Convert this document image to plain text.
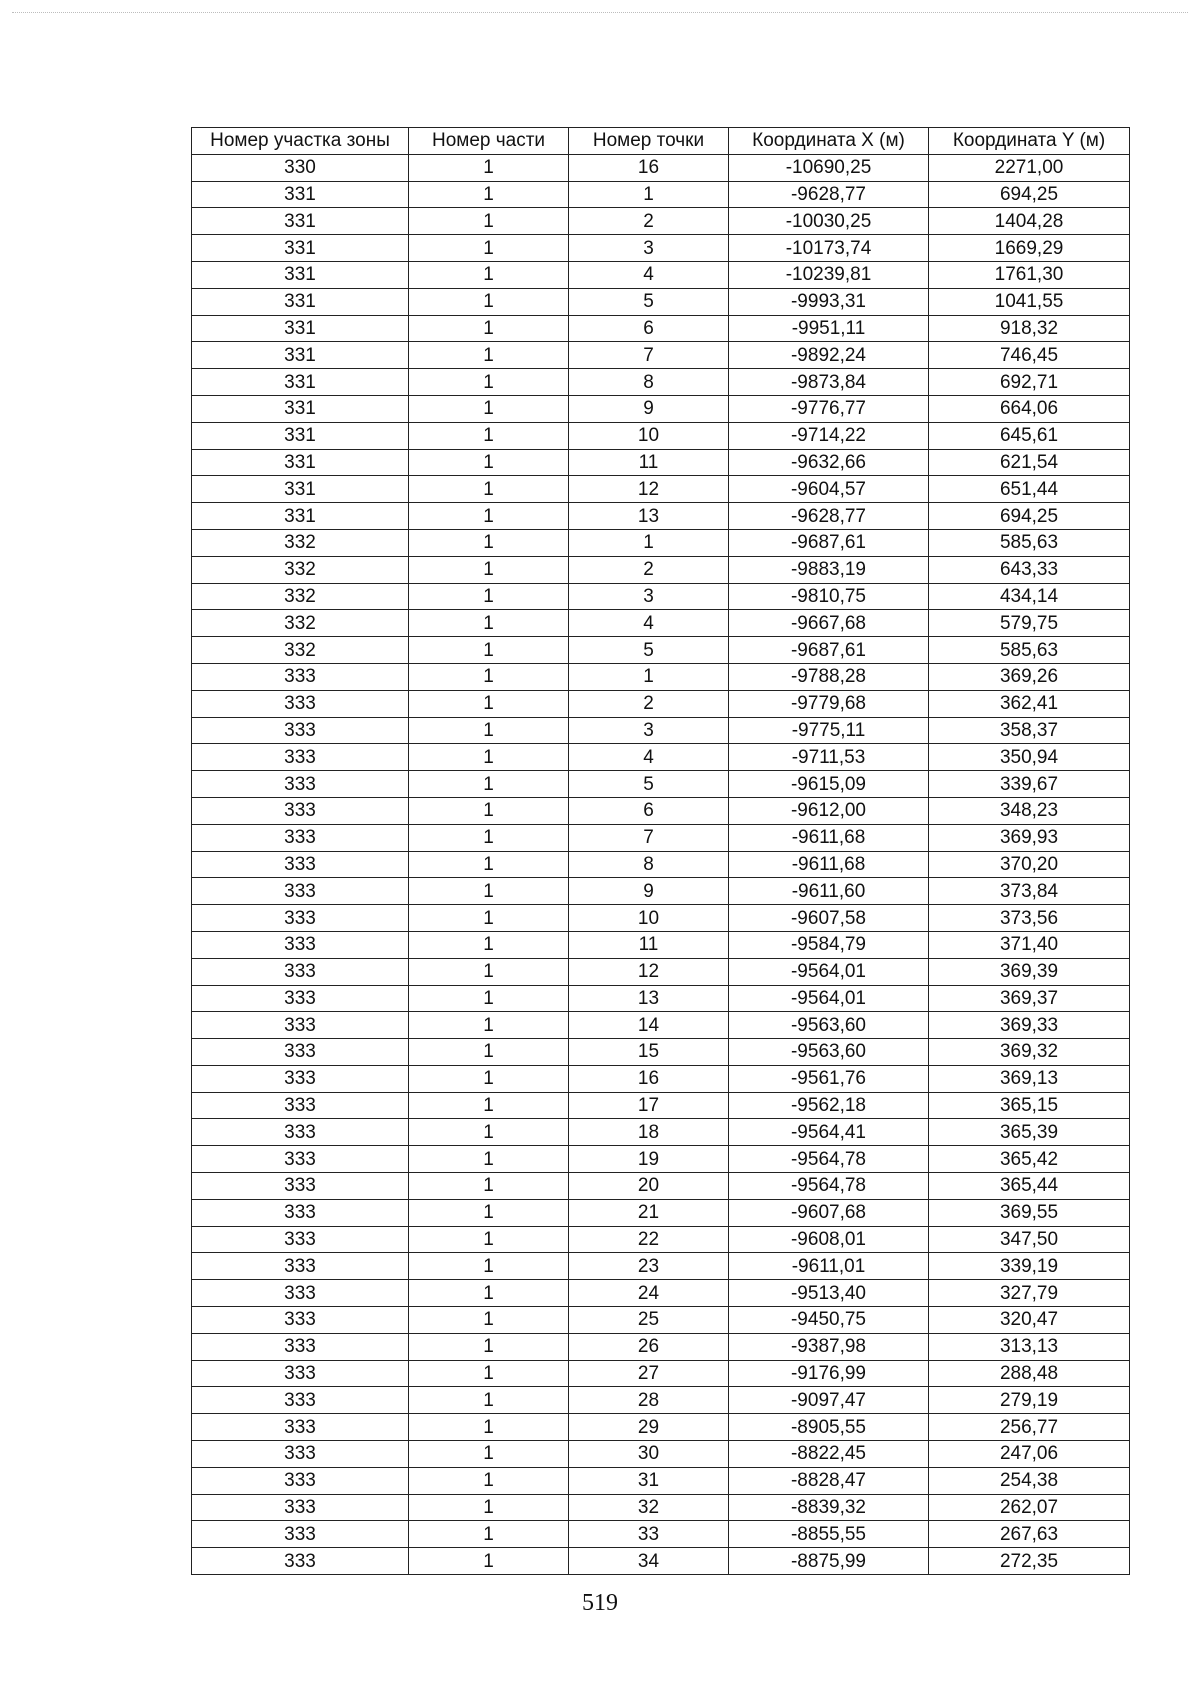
Номер участка зоны	Номер части	Номер точки	Координата X (м)	Координата Y (м)
330	1	16	-10690,25	2271,00
331	1	1	-9628,77	694,25
331	1	2	-10030,25	1404,28
331	1	3	-10173,74	1669,29
331	1	4	-10239,81	1761,30
331	1	5	-9993,31	1041,55
331	1	6	-9951,11	918,32
331	1	7	-9892,24	746,45
331	1	8	-9873,84	692,71
331	1	9	-9776,77	664,06
331	1	10	-9714,22	645,61
331	1	11	-9632,66	621,54
331	1	12	-9604,57	651,44
331	1	13	-9628,77	694,25
332	1	1	-9687,61	585,63
332	1	2	-9883,19	643,33
332	1	3	-9810,75	434,14
332	1	4	-9667,68	579,75
332	1	5	-9687,61	585,63
333	1	1	-9788,28	369,26
333	1	2	-9779,68	362,41
333	1	3	-9775,11	358,37
333	1	4	-9711,53	350,94
333	1	5	-9615,09	339,67
333	1	6	-9612,00	348,23
333	1	7	-9611,68	369,93
333	1	8	-9611,68	370,20
333	1	9	-9611,60	373,84
333	1	10	-9607,58	373,56
333	1	11	-9584,79	371,40
333	1	12	-9564,01	369,39
333	1	13	-9564,01	369,37
333	1	14	-9563,60	369,33
333	1	15	-9563,60	369,32
333	1	16	-9561,76	369,13
333	1	17	-9562,18	365,15
333	1	18	-9564,41	365,39
333	1	19	-9564,78	365,42
333	1	20	-9564,78	365,44
333	1	21	-9607,68	369,55
333	1	22	-9608,01	347,50
333	1	23	-9611,01	339,19
333	1	24	-9513,40	327,79
333	1	25	-9450,75	320,47
333	1	26	-9387,98	313,13
333	1	27	-9176,99	288,48
333	1	28	-9097,47	279,19
333	1	29	-8905,55	256,77
333	1	30	-8822,45	247,06
333	1	31	-8828,47	254,38
333	1	32	-8839,32	262,07
333	1	33	-8855,55	267,63
333	1	34	-8875,99	272,35
519
